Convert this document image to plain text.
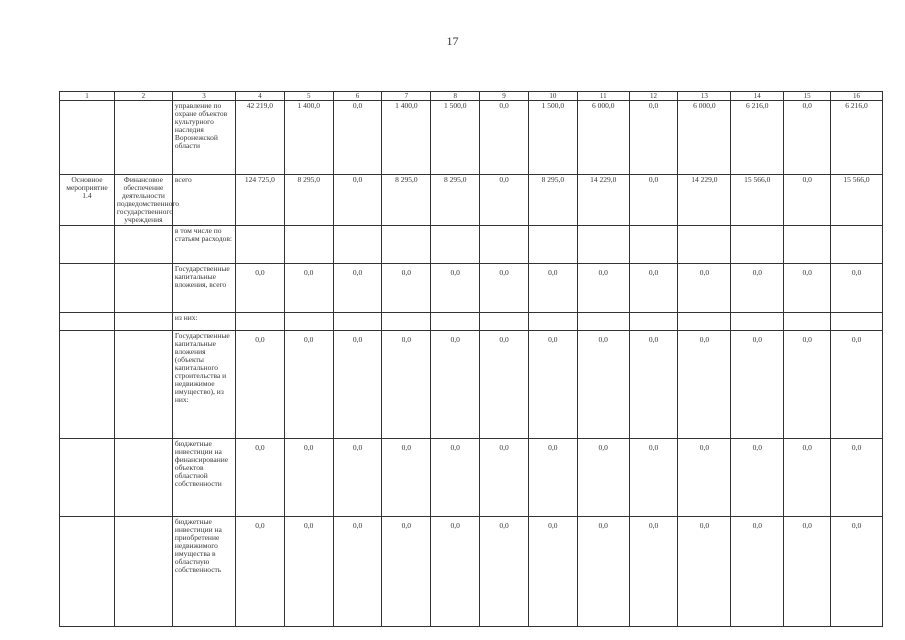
17
1	2	3	4	5	6	7	8	9	10	11	12	13	14	15	16
		управление по охране объектов культурного наследия Воронежской области	42 219,0	1 400,0	0,0	1 400,0	1 500,0	0,0	1 500,0	6 000,0	0,0	6 000,0	6 216,0	0,0	6 216,0
Основное мероприятие 1.4	Финансовое обеспечение деятельности подведомственного государственного учреждения	всего	124 725,0	8 295,0	0,0	8 295,0	8 295,0	0,0	8 295,0	14 229,0	0,0	14 229,0	15 566,0	0,0	15 566,0
		в том числе по статьям расходов:													
		Государственные капитальные вложения, всего	0,0	0,0	0,0	0,0	0,0	0,0	0,0	0,0	0,0	0,0	0,0	0,0	0,0
		из них:													
		Государственные капитальные вложения (объекты капитального строительства и недвижимое имущество), из них:	0,0	0,0	0,0	0,0	0,0	0,0	0,0	0,0	0,0	0,0	0,0	0,0	0,0
		бюджетные инвестиции на финансирование объектов областной собственности	0,0	0,0	0,0	0,0	0,0	0,0	0,0	0,0	0,0	0,0	0,0	0,0	0,0
		бюджетные инвестиции на приобретение недвижимого имущества в областную собственность	0,0	0,0	0,0	0,0	0,0	0,0	0,0	0,0	0,0	0,0	0,0	0,0	0,0
